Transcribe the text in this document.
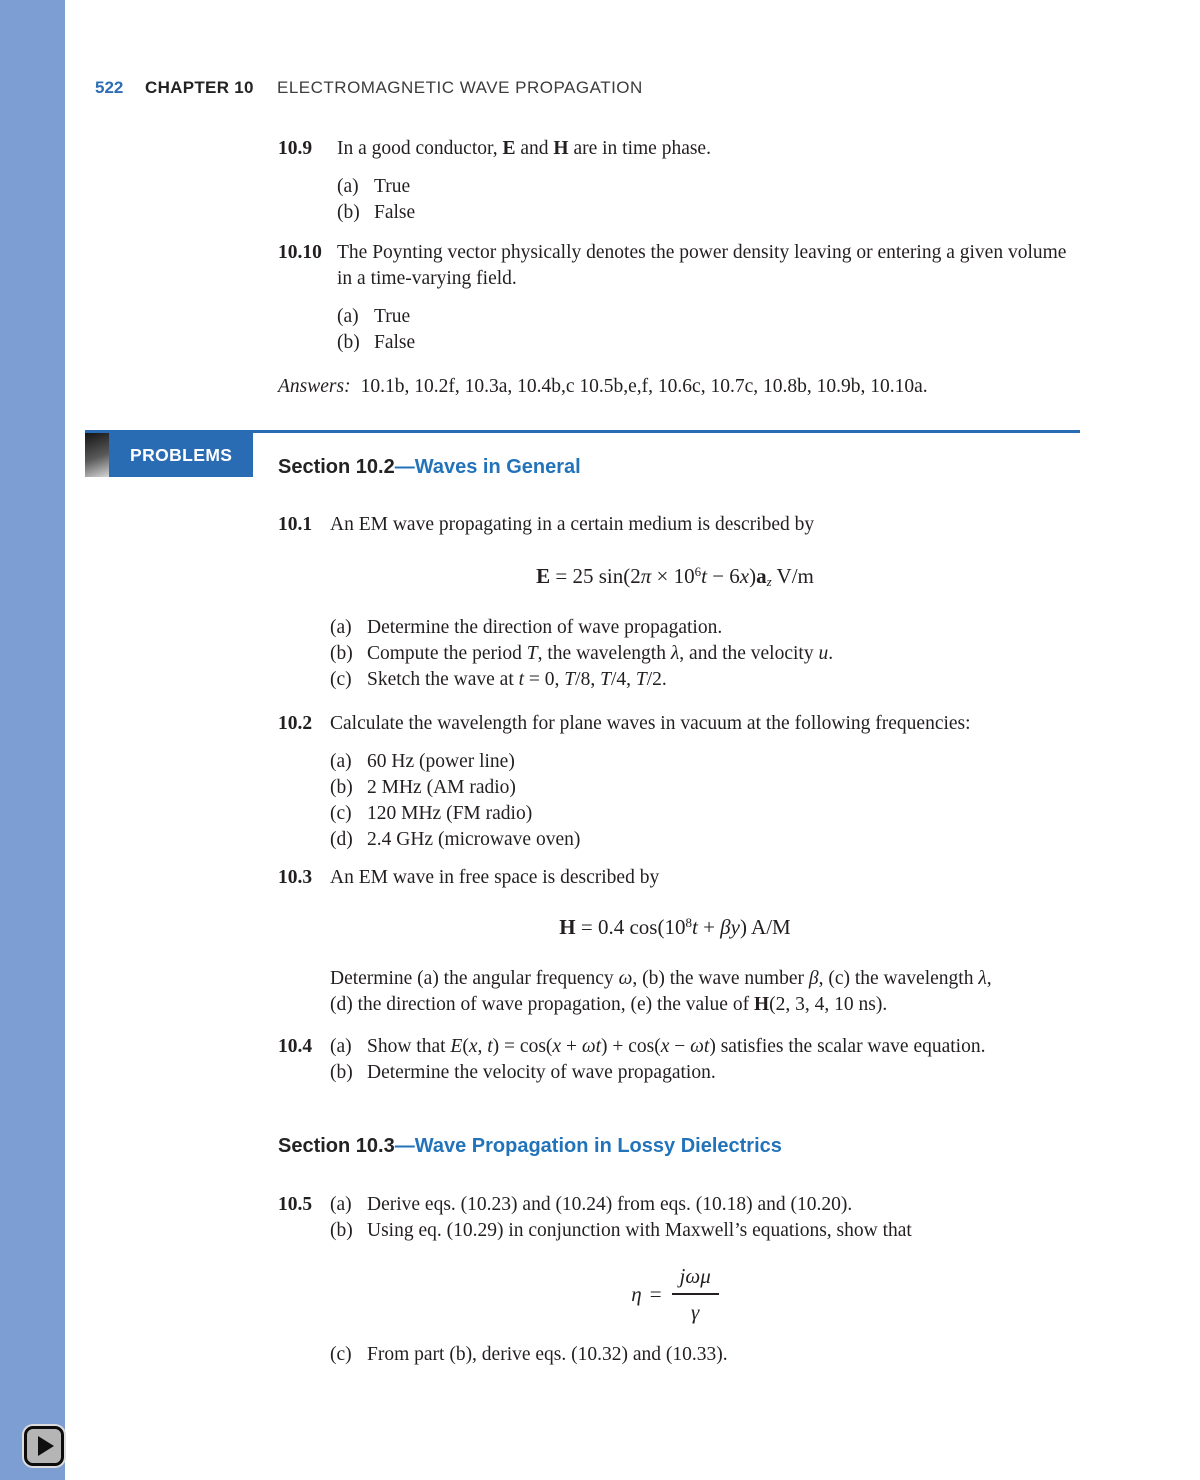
522	CHAPTER 10	ELECTROMAGNETIC WAVE PROPAGATION
10.9	In a good conductor, E and H are in time phase.
(a) True
(b) False
10.10 The Poynting vector physically denotes the power density leaving or entering a given volume in a time-varying field.
(a) True
(b) False
Answers: 10.1b, 10.2f, 10.3a, 10.4b,c 10.5b,e,f, 10.6c, 10.7c, 10.8b, 10.9b, 10.10a.
PROBLEMS
Section 10.2—Waves in General
10.1 An EM wave propagating in a certain medium is described by
E = 25 $\sin(2\pi \times 10^6t - 6x)az$ V/m
(a) Determine the direction of wave propagation.
(b) Compute the period T, the wavelength λ, and the velocity u.
(c) Sketch the wave at t = 0, T/8, T/4, T/2.
10.2 Calculate the wavelength for plane waves in vacuum at the following frequencies:
(a) 60 Hz (power line)
(b) 2 MHz (AM radio)
(c) 120 MHz (FM radio)
(d) 2.4 GHz (microwave oven)
10.3 An EM wave in free space is described by
H = 0.4 $\cos(10^8t + \beta y)$ A/M
Determine (a) the angular frequency ω, (b) the wave number β, (c) the wavelength λ,
(d) the direction of wave propagation, (e) the value of H(2, 3, 4, 10 ns).
10.4 (a) Show that E(x, t) = cos(x + ωt) + cos(x − ωt) satisfies the scalar wave equation.
(b) Determine the velocity of wave propagation.
Section 10.3—Wave Propagation in Lossy Dielectrics
10.5 (a) Derive eqs. (10.23) and (10.24) from eqs. (10.18) and (10.20).
(b) Using eq. (10.29) in conjunction with Maxwell’s equations, show that
$\eta = \frac{\text{jωμ}}{\gamma}$
(c) From part (b), derive eqs. (10.32) and (10.33).
